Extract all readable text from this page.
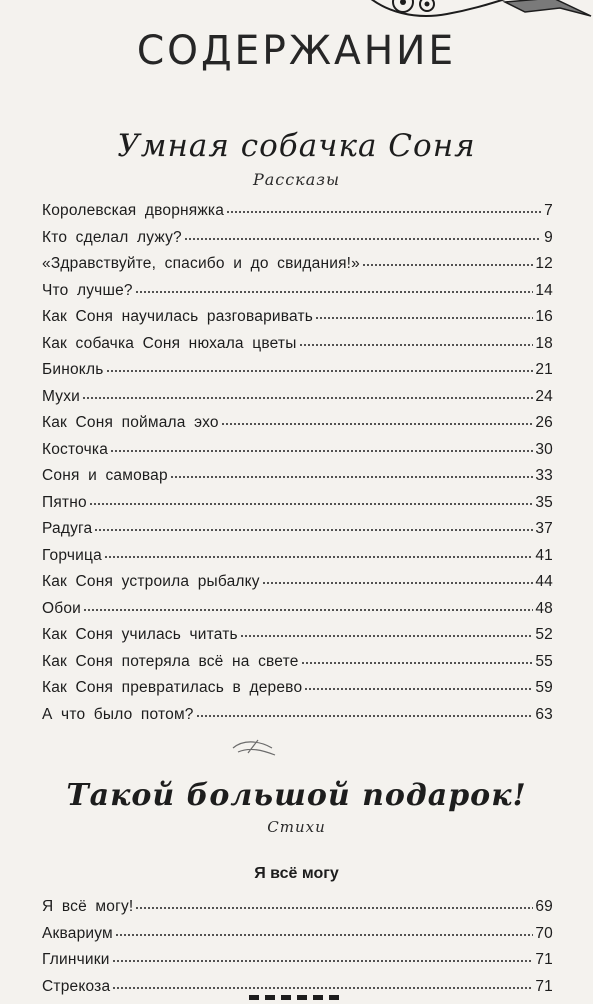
СОДЕРЖАНИЕ
Умная собачка Соня
Рассказы
Королевская дворняжка	7
Кто сделал лужу?	9
«Здравствуйте, спасибо и до свидания!»	12
Что лучше?	14
Как Соня научилась разговаривать	16
Как собачка Соня нюхала цветы	18
Бинокль	21
Мухи	24
Как Соня поймала эхо	26
Косточка	30
Соня и самовар	33
Пятно	35
Радуга	37
Горчица	41
Как Соня устроила рыбалку	44
Обои	48
Как Соня училась читать	52
Как Соня потеряла всё на свете	55
Как Соня превратилась в дерево	59
А что было потом?	63
Такой большой подарок!
Стихи
Я всё могу
Я всё могу!	69
Аквариум	70
Глинчики	71
Стрекоза	71
